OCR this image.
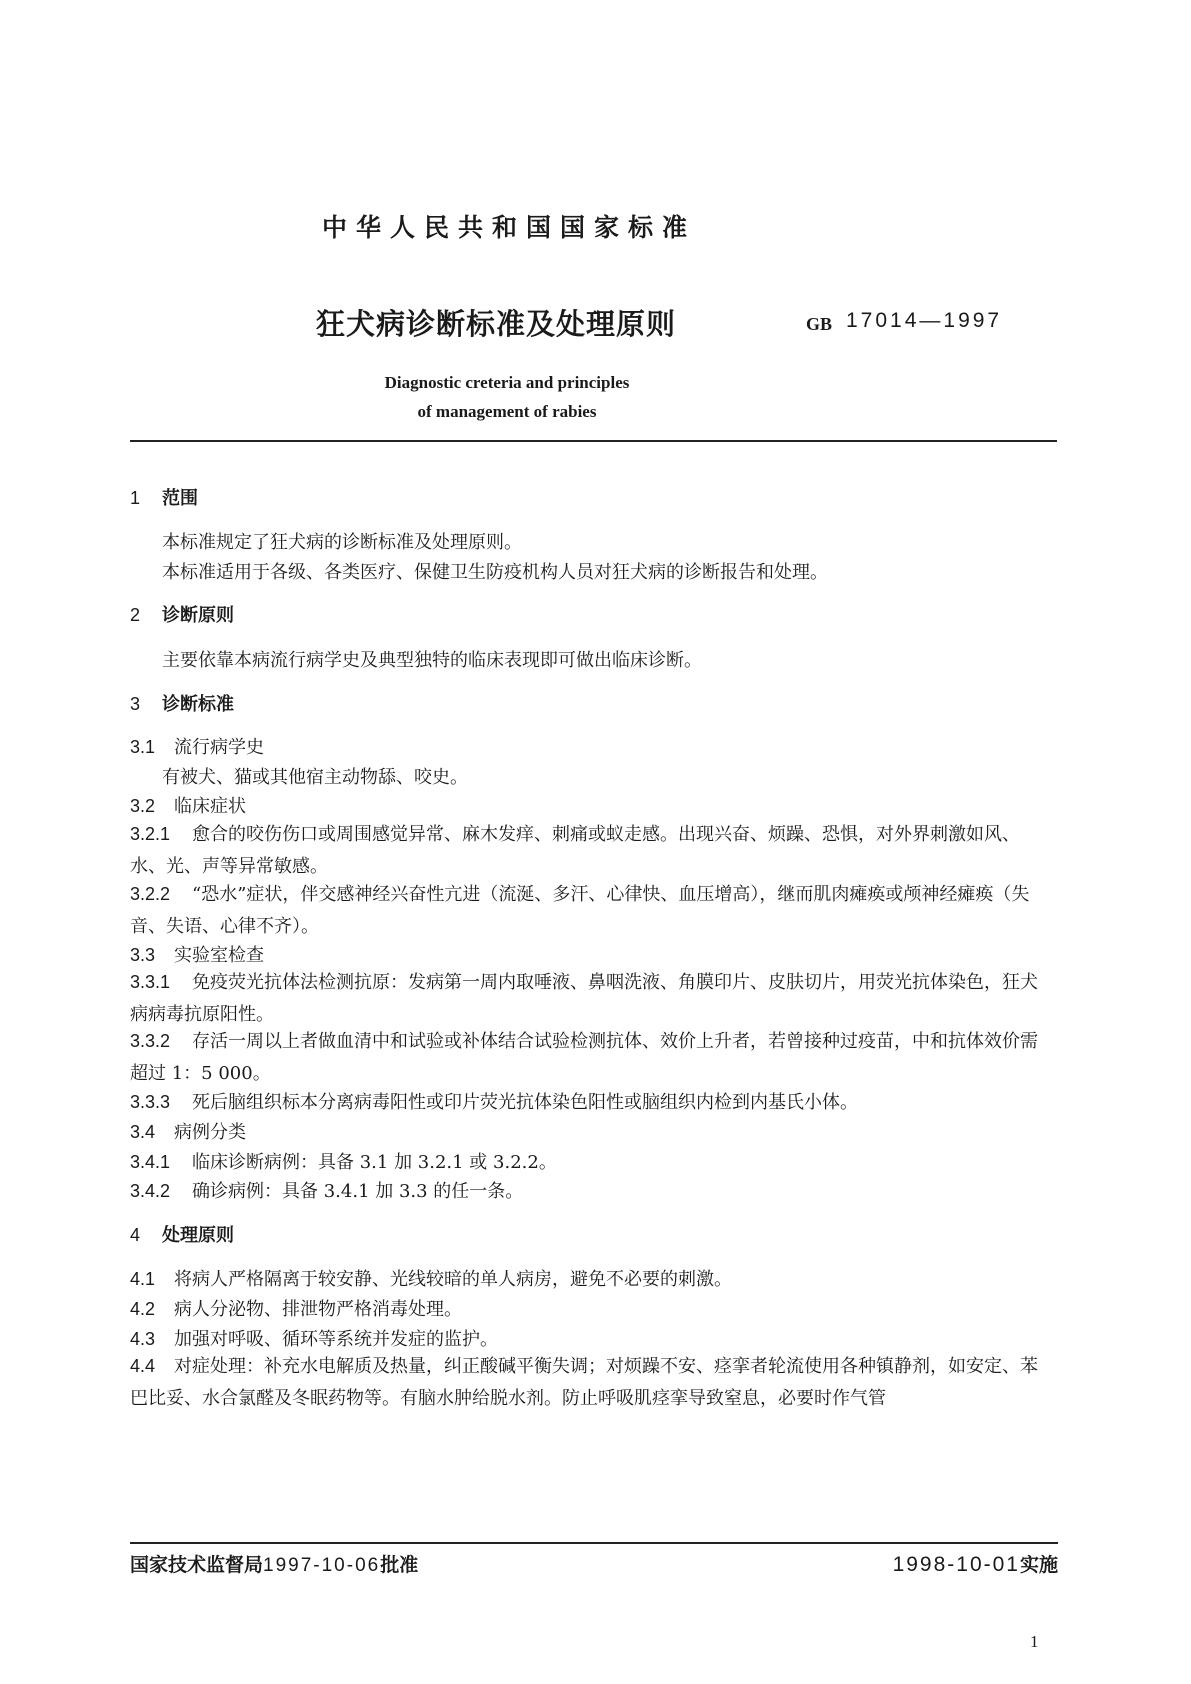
中华人民共和国国家标准
狂犬病诊断标准及处理原则	GB 17014—1997
Diagnostic creteria and principles
of management of rabies
1 范围
本标准规定了狂犬病的诊断标准及处理原则。
本标准适用于各级、各类医疗、保健卫生防疫机构人员对狂犬病的诊断报告和处理。
2 诊断原则
主要依靠本病流行病学史及典型独特的临床表现即可做出临床诊断。
3 诊断标准
3.1 流行病学史
有被犬、猫或其他宿主动物舔、咬史。
3.2 临床症状
3.2.1 愈合的咬伤伤口或周围感觉异常、麻木发痒、刺痛或蚁走感。出现兴奋、烦躁、恐惧，对外界刺激如风、水、光、声等异常敏感。
3.2.2 “恐水”症状，伴交感神经兴奋性亢进（流涎、多汗、心律快、血压增高），继而肌肉瘫痪或颅神经瘫痪（失音、失语、心律不齐）。
3.3 实验室检查
3.3.1 免疫荧光抗体法检测抗原：发病第一周内取唾液、鼻咽洗液、角膜印片、皮肤切片，用荧光抗体染色，狂犬病病毒抗原阳性。
3.3.2 存活一周以上者做血清中和试验或补体结合试验检测抗体、效价上升者，若曾接种过疫苗，中和抗体效价需超过 1：5 000。
3.3.3 死后脑组织标本分离病毒阳性或印片荧光抗体染色阳性或脑组织内检到内基氏小体。
3.4 病例分类
3.4.1 临床诊断病例：具备 3.1 加 3.2.1 或 3.2.2。
3.4.2 确诊病例：具备 3.4.1 加 3.3 的任一条。
4 处理原则
4.1 将病人严格隔离于较安静、光线较暗的单人病房，避免不必要的刺激。
4.2 病人分泌物、排泄物严格消毒处理。
4.3 加强对呼吸、循环等系统并发症的监护。
4.4 对症处理：补充水电解质及热量，纠正酸碱平衡失调；对烦躁不安、痉挛者轮流使用各种镇静剂，如安定、苯巴比妥、水合氯醛及冬眠药物等。有脑水肿给脱水剂。防止呼吸肌痉挛导致窒息，必要时作气管
国家技术监督局1997-10-06批准	1998-10-01实施
1
